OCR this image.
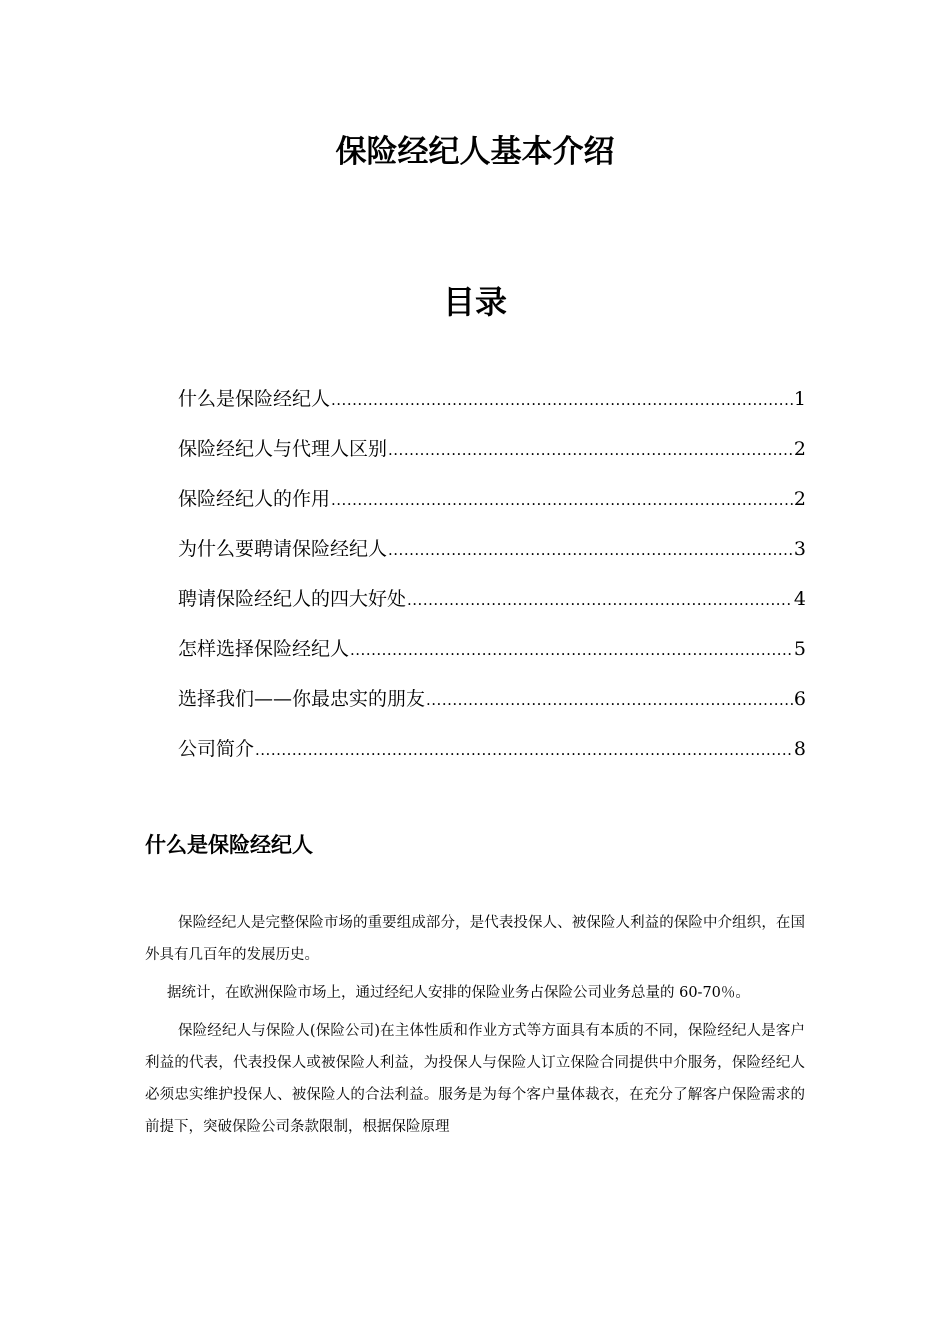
保险经纪人基本介绍
目录
什么是保险经纪人 .....	1
保险经纪人与代理人区别 .....	2
保险经纪人的作用 .....	2
为什么要聘请保险经纪人 .....	3
聘请保险经纪人的四大好处 .....	4
怎样选择保险经纪人 .....	5
选择我们——你最忠实的朋友 .....	6
公司简介 .....	8
什么是保险经纪人

保险经纪人是完整保险市场的重要组成部分，是代表投保人、被保险人利益的保险中介组织，在国外具有几百年的发展历史。

据统计，在欧洲保险市场上，通过经纪人安排的保险业务占保险公司业务总量的 60-70％。

保险经纪人与保险人(保险公司)在主体性质和作业方式等方面具有本质的不同，保险经纪人是客户利益的代表，代表投保人或被保险人利益，为投保人与保险人订立保险合同提供中介服务，保险经纪人必须忠实维护投保人、被保险人的合法利益。服务是为每个客户量体裁衣，在充分了解客户保险需求的前提下，突破保险公司条款限制，根据保险原理
